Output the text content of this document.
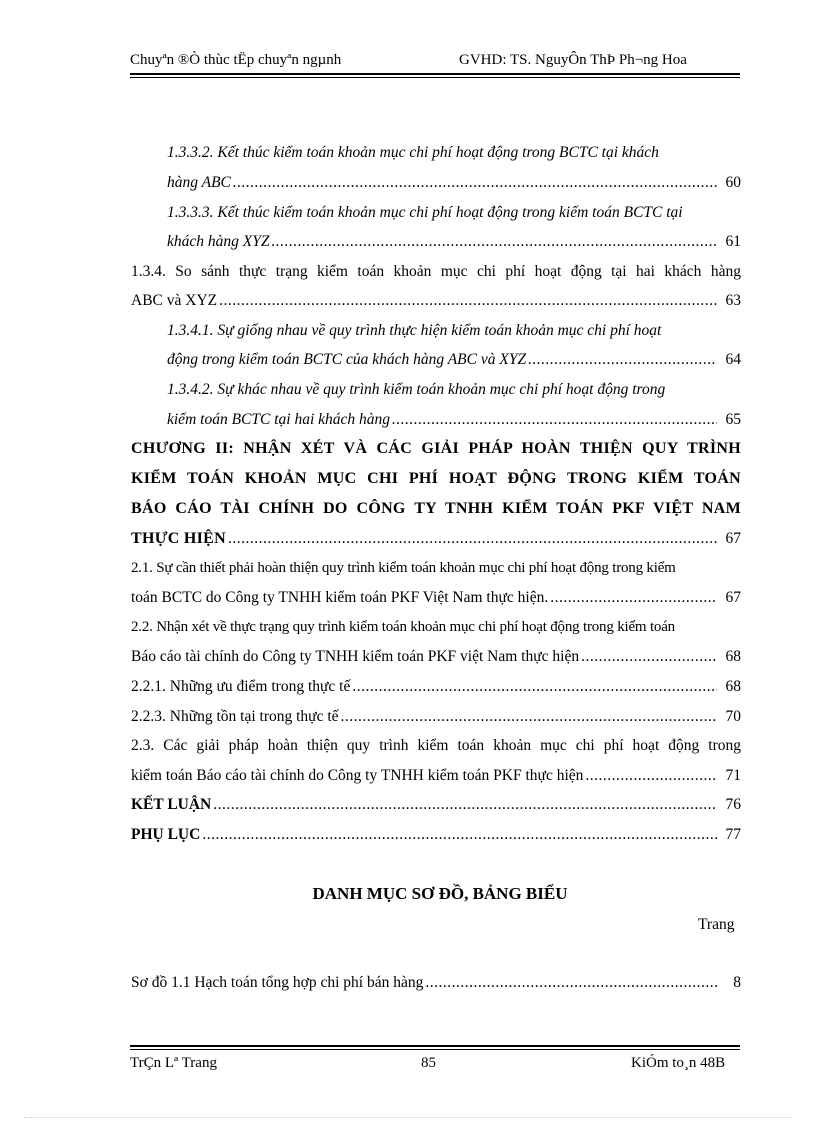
Chuyªn ®Ò thùc tËp chuyªn ngµnh	GVHD: TS. NguyÔn ThÞ Ph¬ng Hoa
1.3.3.2. Kết thúc kiểm toán khoản mục chi phí hoạt động trong BCTC tại khách
hàng ABC .....	60
1.3.3.3. Kết thúc kiểm toán khoản mục chi phí hoạt động trong kiểm toán BCTC tại
khách hàng XYZ .....	61
1.3.4. So sánh thực trạng kiểm toán khoản mục chi phí hoạt động tại hai khách hàng
ABC và XYZ .....	63
1.3.4.1. Sự giống nhau về quy trình thực hiện kiểm toán khoản mục chi phí hoạt
động trong kiểm toán BCTC của khách hàng ABC và XYZ .....	64
1.3.4.2. Sự khác nhau về quy trình kiểm toán khoản mục chi phí hoạt động trong
kiểm toán BCTC tại hai khách hàng .....	65
CHƯƠNG II: NHẬN XÉT VÀ CÁC GIẢI PHÁP HOÀN THIỆN QUY TRÌNH
KIỂM TOÁN KHOẢN MỤC CHI PHÍ HOẠT ĐỘNG TRONG KIỂM TOÁN
BÁO CÁO TÀI CHÍNH DO CÔNG TY TNHH KIỂM TOÁN PKF VIỆT NAM
THỰC HIỆN .....	67
2.1. Sự cần thiết phải hoàn thiện quy trình kiểm toán khoản mục chi phí hoạt động trong kiểm
toán BCTC do Công ty TNHH kiểm toán PKF Việt Nam thực hiện. .....	67
2.2. Nhận xét về thực trạng quy trình kiểm toán khoản mục chi phí hoạt động trong kiểm toán
Báo cáo tài chính do Công ty TNHH kiểm toán PKF việt Nam thực hiện .....	68
2.2.1. Những ưu điểm trong thực tế .....	68
2.2.3. Những tồn tại trong thực tế .....	70
2.3. Các giải pháp hoàn thiện quy trình kiểm toán khoản mục chi phí hoạt động trong
kiểm toán Báo cáo tài chính do Công ty TNHH kiểm toán PKF thực hiện .....	71
KẾT LUẬN .....	76
PHỤ LỤC .....	77
DANH MỤC SƠ ĐỒ, BẢNG BIỂU
Trang
Sơ đồ 1.1 Hạch toán tổng hợp chi phí bán hàng .....	8
TrÇn Lª Trang	85	KiÓm to¸n 48B
